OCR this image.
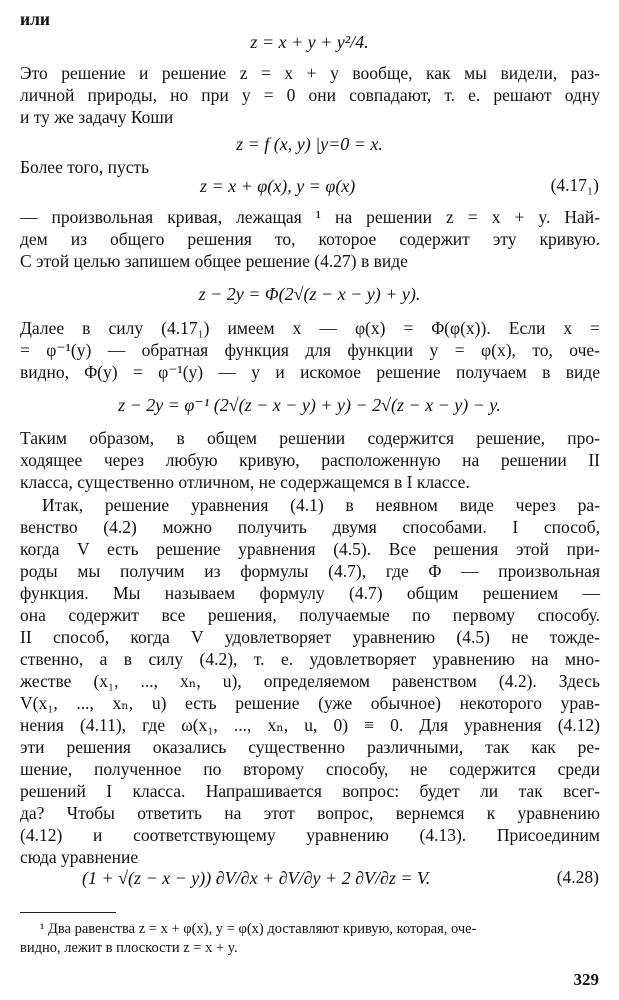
или
z = x + y + y²/4.
Это решение и решение z = x + y вообще, как мы видели, раз-
личной природы, но при y = 0 они совпадают, т. е. решают одну
и ту же задачу Коши
z = f (x, y) |y=0 = x.
Более того, пусть
z = x + φ(x), y = φ(x)	(4.17₁)
— произвольная кривая, лежащая ¹ на решении z = x + y. Най-
дем из общего решения то, которое содержит эту кривую.
С этой целью запишем общее решение (4.27) в виде
z − 2y = Φ(2√(z − x − y) + y).
Далее в силу (4.17₁) имеем x — φ(x) = Φ(φ(x)). Если x =
= φ⁻¹(y) — обратная функция для функции y = φ(x), то, оче-
видно, Φ(y) = φ⁻¹(y) — y и искомое решение получаем в виде
z − 2y = φ⁻¹ (2√(z − x − y) + y) − 2√(z − x − y) − y.
Таким образом, в общем решении содержится решение, про-
ходящее через любую кривую, расположенную на решении II
класса, существенно отличном, не содержащемся в I классе.
Итак, решение уравнения (4.1) в неявном виде через ра-
венство (4.2) можно получить двумя способами. I способ,
когда V есть решение уравнения (4.5). Все решения этой при-
роды мы получим из формулы (4.7), где Φ — произвольная
функция. Мы называем формулу (4.7) общим решением —
она содержит все решения, получаемые по первому способу.
II способ, когда V удовлетворяет уравнению (4.5) не тожде-
ственно, а в силу (4.2), т. е. удовлетворяет уравнению на мно-
жестве (x₁, ..., xₙ, u), определяемом равенством (4.2). Здесь
V(x₁, ..., xₙ, u) есть решение (уже обычное) некоторого урав-
нения (4.11), где ω(x₁, ..., xₙ, u, 0) ≡ 0. Для уравнения (4.12)
эти решения оказались существенно различными, так как ре-
шение, полученное по второму способу, не содержится среди
решений I класса. Напрашивается вопрос: будет ли так всег-
да? Чтобы ответить на этот вопрос, вернемся к уравнению
(4.12) и соответствующему уравнению (4.13). Присоединим
сюда уравнение
(1 + √(z − x − y)) ∂V/∂x + ∂V/∂y + 2 ∂V/∂z = V.	(4.28)
¹ Два равенства z = x + φ(x), y = φ(x) доставляют кривую, которая, оче-
видно, лежит в плоскости z = x + y.
329
